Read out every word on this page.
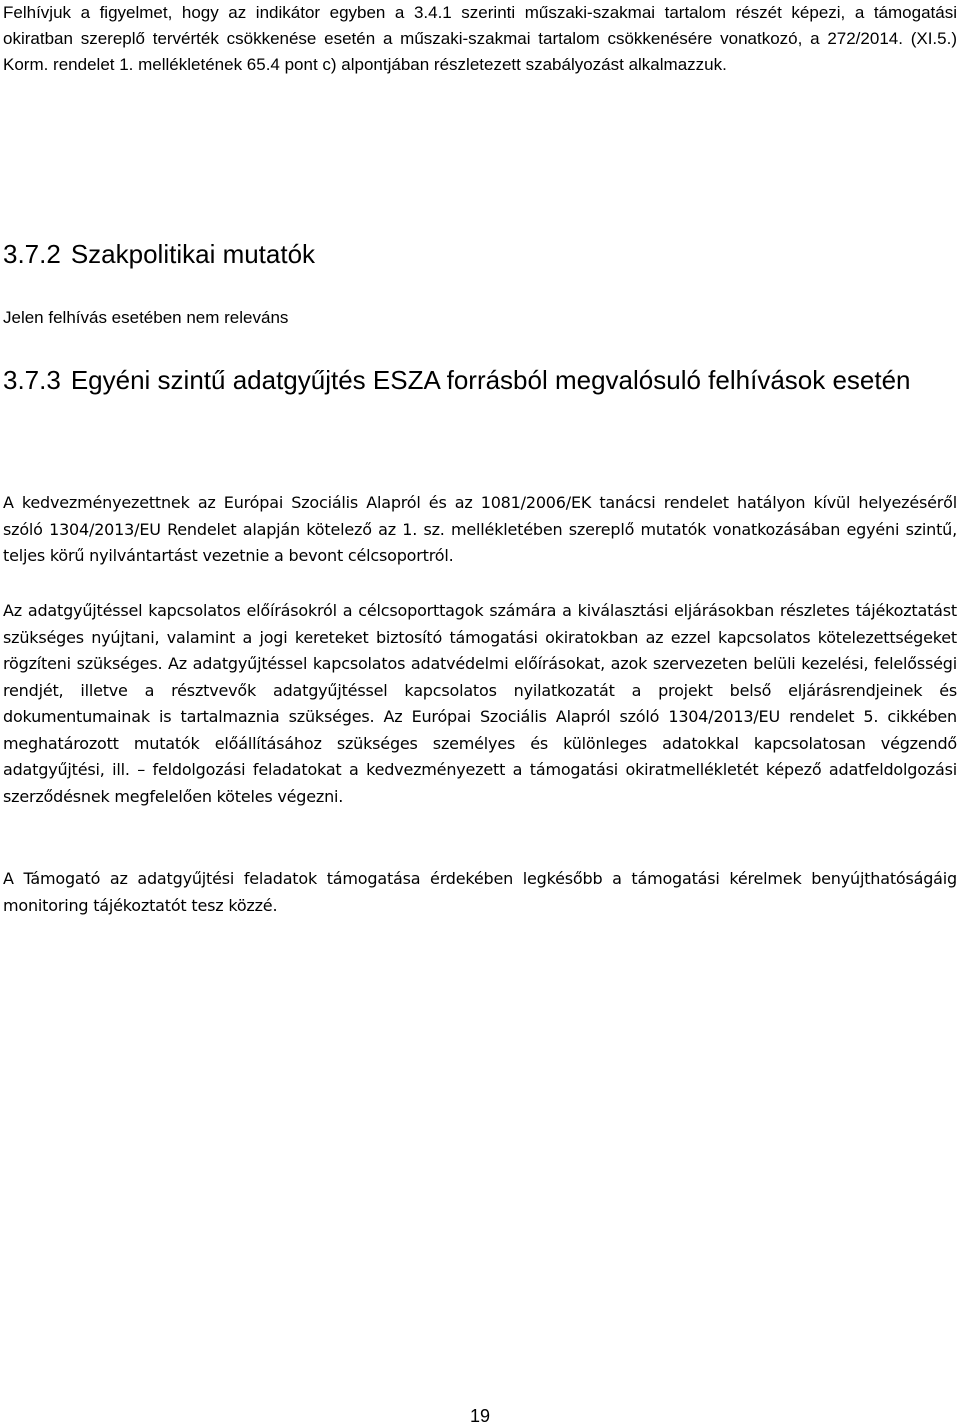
Felhívjuk a figyelmet, hogy az indikátor egyben a 3.4.1 szerinti műszaki-szakmai tartalom részét képezi, a támogatási okiratban szereplő tervérték csökkenése esetén a műszaki-szakmai tartalom csökkenésére vonatkozó, a 272/2014. (XI.5.) Korm. rendelet 1. mellékletének 65.4 pont c) alpontjában részletezett szabályozást alkalmazzuk.

3.7.2 Szakpolitikai mutatók

Jelen felhívás esetében nem releváns

3.7.3 Egyéni szintű adatgyűjtés ESZA forrásból megvalósuló felhívások esetén

A kedvezményezettnek az Európai Szociális Alapról és az 1081/2006/EK tanácsi rendelet hatályon kívül helyezéséről szóló 1304/2013/EU Rendelet alapján kötelező az 1. sz. mellékletében szereplő mutatók vonatkozásában egyéni szintű, teljes körű nyilvántartást vezetnie a bevont célcsoportról.

Az adatgyűjtéssel kapcsolatos előírásokról a célcsoporttagok számára a kiválasztási eljárásokban részletes tájékoztatást szükséges nyújtani, valamint a jogi kereteket biztosító támogatási okiratokban az ezzel kapcsolatos kötelezettségeket rögzíteni szükséges. Az adatgyűjtéssel kapcsolatos adatvédelmi előírásokat, azok szervezeten belüli kezelési, felelősségi rendjét, illetve a résztvevők adatgyűjtéssel kapcsolatos nyilatkozatát a projekt belső eljárásrendjeinek és dokumentumainak is tartalmaznia szükséges. Az Európai Szociális Alapról szóló 1304/2013/EU rendelet 5. cikkében meghatározott mutatók előállításához szükséges személyes és különleges adatokkal kapcsolatosan végzendő adatgyűjtési, ill. – feldolgozási feladatokat a kedvezményezett a támogatási okiratmellékletét képező adatfeldolgozási szerződésnek megfelelően köteles végezni.

A Támogató az adatgyűjtési feladatok támogatása érdekében legkésőbb a támogatási kérelmek benyújthatóságáig monitoring tájékoztatót tesz közzé.

19
